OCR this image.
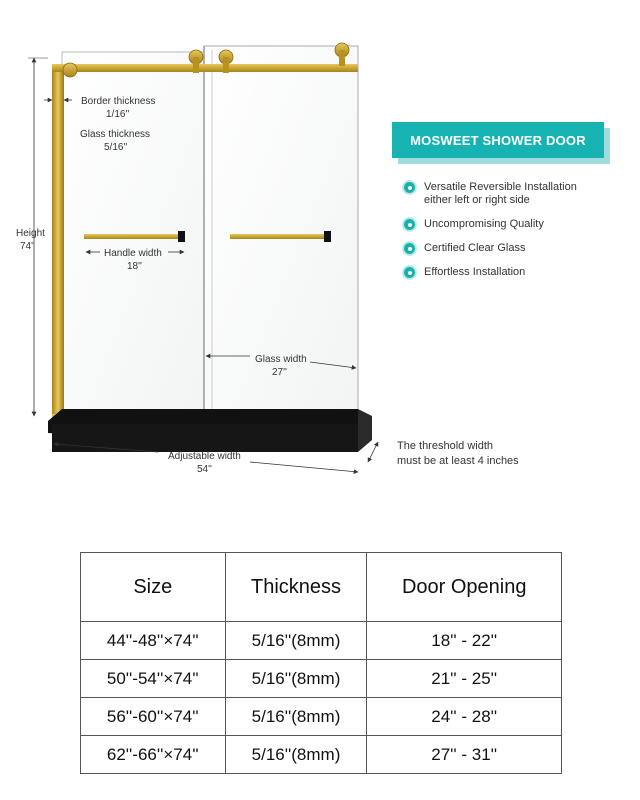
Height
74''
Border thickness
1/16''
Glass thickness
5/16''
Handle width
18''
Glass width
27''
Adjustable width
54''
The threshold width
must be at least 4 inches
MOSWEET SHOWER DOOR
Versatile Reversible Installation
either left or right side
Uncompromising Quality
Certified Clear Glass
Effortless Installation
Size	Thickness	Door Opening
44''-48''×74''	5/16''(8mm)	18'' - 22''
50''-54''×74''	5/16''(8mm)	21'' - 25''
56''-60''×74''	5/16''(8mm)	24'' - 28''
62''-66''×74''	5/16''(8mm)	27'' - 31''
